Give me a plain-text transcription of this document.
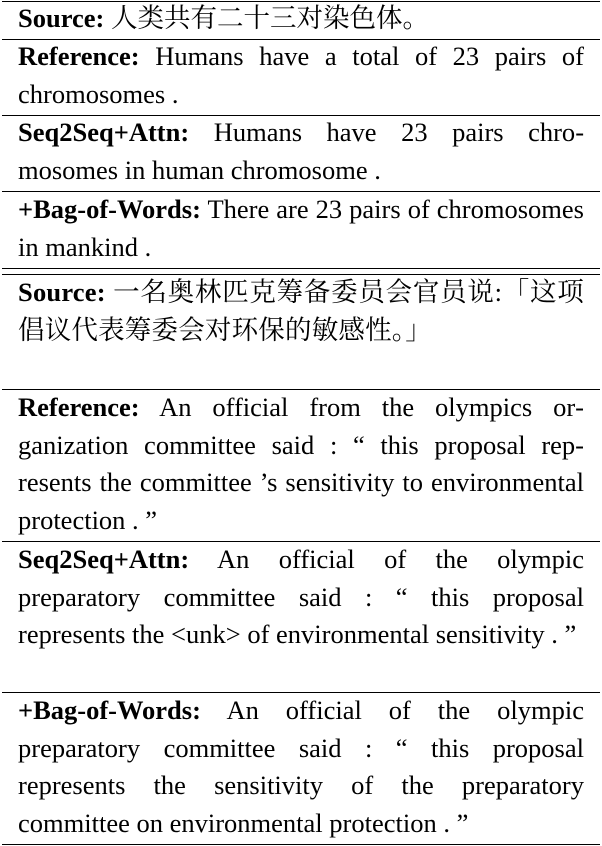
Source: 人类共有二十三对染色体。
Reference: Humans have a total of 23 pairs of chromosomes .
Seq2Seq+Attn: Humans have 23 pairs chromosomes in human chromosome .
+Bag-of-Words: There are 23 pairs of chromosomes in mankind .
Source: 一名奥林匹克筹备委员会官员说:「这项倡议代表筹委会对环保的敏感性。」
Reference: An official from the olympics organization committee said : “ this proposal represents the committee ’s sensitivity to environmental protection . ”
Seq2Seq+Attn: An official of the olympic preparatory committee said : “ this proposal represents the <unk> of environmental sensitivity . ”
+Bag-of-Words: An official of the olympic preparatory committee said : “ this proposal represents the sensitivity of the preparatory committee on environmental protection . ”
